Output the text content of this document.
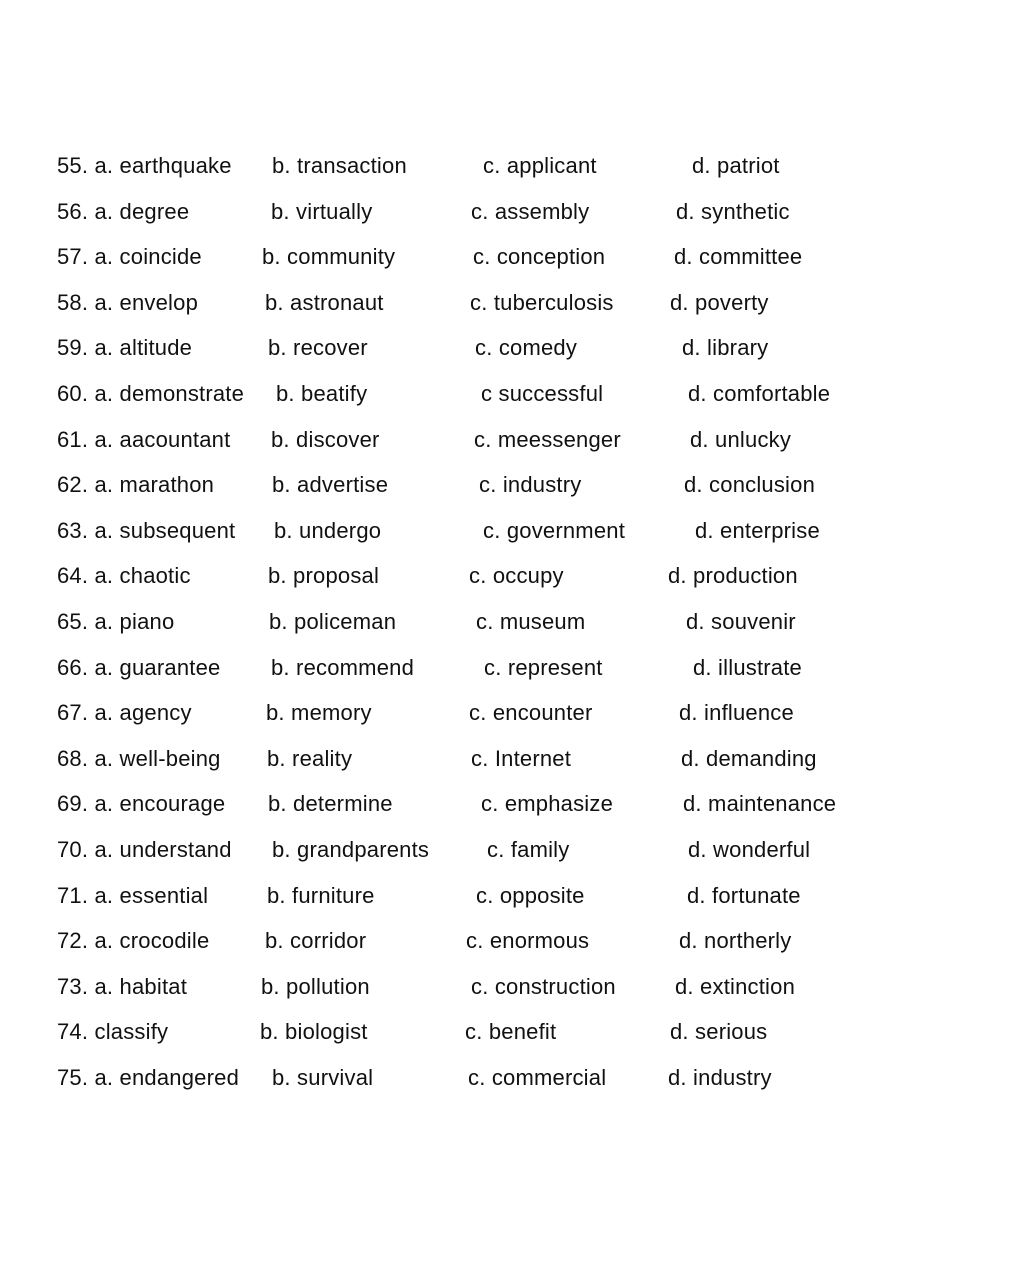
55. a. earthquake b. transaction	c. applicant	d. patriot
56. a. degree	b. virtually	c. assembly	d. synthetic
57. a. coincide	b. community	c. conception	d. committee
58. a. envelop	b. astronaut	c. tuberculosis	d. poverty
59. a. altitude	b. recover	c. comedy	d. library
60. a. demonstrate b. beatify	c successful	d. comfortable
61. a. aacountant b. discover	c. meessenger	d. unlucky
62. a. marathon	b. advertise	c. industry	d. conclusion
63. a. subsequent b. undergo	c. government	d. enterprise
64. a. chaotic	b. proposal	c. occupy	d. production
65. a. piano	b. policeman	c. museum	d. souvenir
66. a. guarantee b. recommend	c. represent	d. illustrate
67. a. agency	b. memory	c. encounter	d. influence
68. a. well-being b. reality	c. Internet	d. demanding
69. a. encourage b. determine	c. emphasize	d. maintenance
70. a. understand b. grandparents	c. family	d. wonderful
71. a. essential	b. furniture	c. opposite	d. fortunate
72. a. crocodile	b. corridor	c. enormous	d. northerly
73. a. habitat	b. pollution	c. construction	d. extinction
74. classify	b. biologist	c. benefit	d. serious
75. a. endangered b. survival	c. commercial	d. industry
